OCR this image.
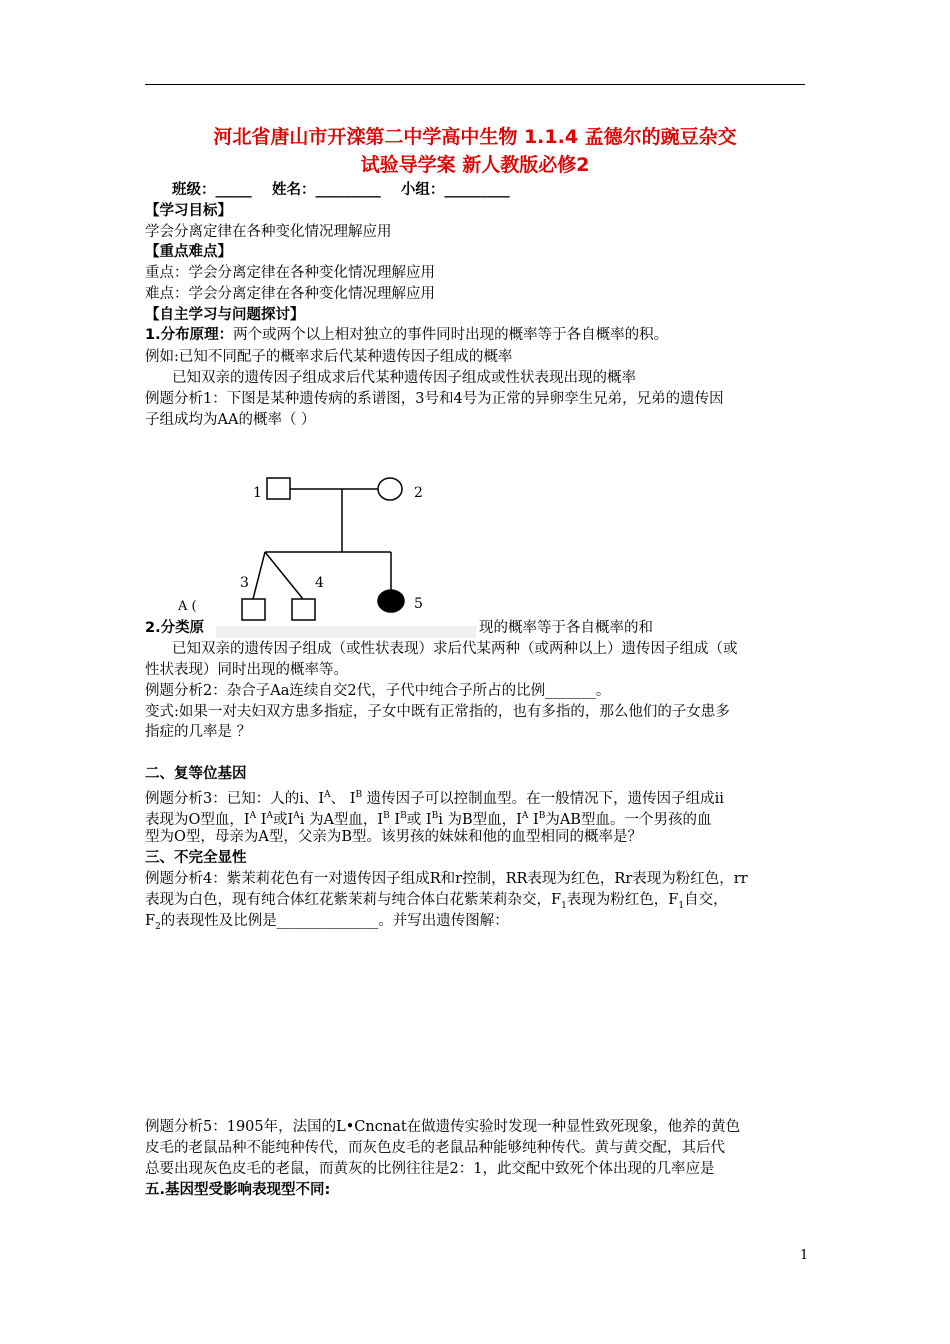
河北省唐山市开滦第二中学高中生物 1.1.4 孟德尔的豌豆杂交
试验导学案 新人教版必修2
班级：_____    姓名：_________    小组：_________
【学习目标】
学会分离定律在各种变化情况理解应用
【重点难点】
重点：学会分离定律在各种变化情况理解应用
难点：学会分离定律在各种变化情况理解应用
【自主学习与问题探讨】
1.分布原理：两个或两个以上相对独立的事件同时出现的概率等于各自概率的积。
例如:已知不同配子的概率求后代某种遗传因子组成的概率
已知双亲的遗传因子组成求后代某种遗传因子组成或性状表现出现的概率
例题分析1：下图是某种遗传病的系谱图，3号和4号为正常的异卵孪生兄弟，兄弟的遗传因
子组成均为AA的概率（ ）
1	2
3	4
5
A (
2.分类原	现的概率等于各自概率的和
已知双亲的遗传因子组成（或性状表现）求后代某两种（或两种以上）遗传因子组成（或
性状表现）同时出现的概率等。
例题分析2：杂合子Aa连续自交2代，子代中纯合子所占的比例_______。
变式:如果一对夫妇双方患多指症，子女中既有正常指的，也有多指的，那么他们的子女患多
指症的几率是 ？
二、复等位基因
例题分析3：已知：人的i、$I^A$、 $I^B$ 遗传因子可以控制血型。在一般情况下，遗传因子组成ii
表现为O型血，$I^A$ $I^A$或$I^Ai$ 为A型血，$I^B$ $I^B$或 $I^Bi$ 为B型血，$I^A$ $I^B$为AB型血。一个男孩的血
型为O型，母亲为A型，父亲为B型。该男孩的妹妹和他的血型相同的概率是？
三、不完全显性
例题分析4：紫茉莉花色有一对遗传因子组成R和r控制，RR表现为红色，Rr表现为粉红色，rr
表现为白色，现有纯合体红花紫茉莉与纯合体白花紫茉莉杂交，$F_1$表现为粉红色，$F_1$自交，
$F_2$的表现性及比例是______________。并写出遗传图解：
例题分析5：1905年，法国的L•Cncnat在做遗传实验时发现一种显性致死现象，他养的黄色
皮毛的老鼠品种不能纯种传代，而灰色皮毛的老鼠品种能够纯种传代。黄与黄交配，其后代
总要出现灰色皮毛的老鼠，而黄灰的比例往往是2：1，此交配中致死个体出现的几率应是
五.基因型受影响表现型不同:
1
